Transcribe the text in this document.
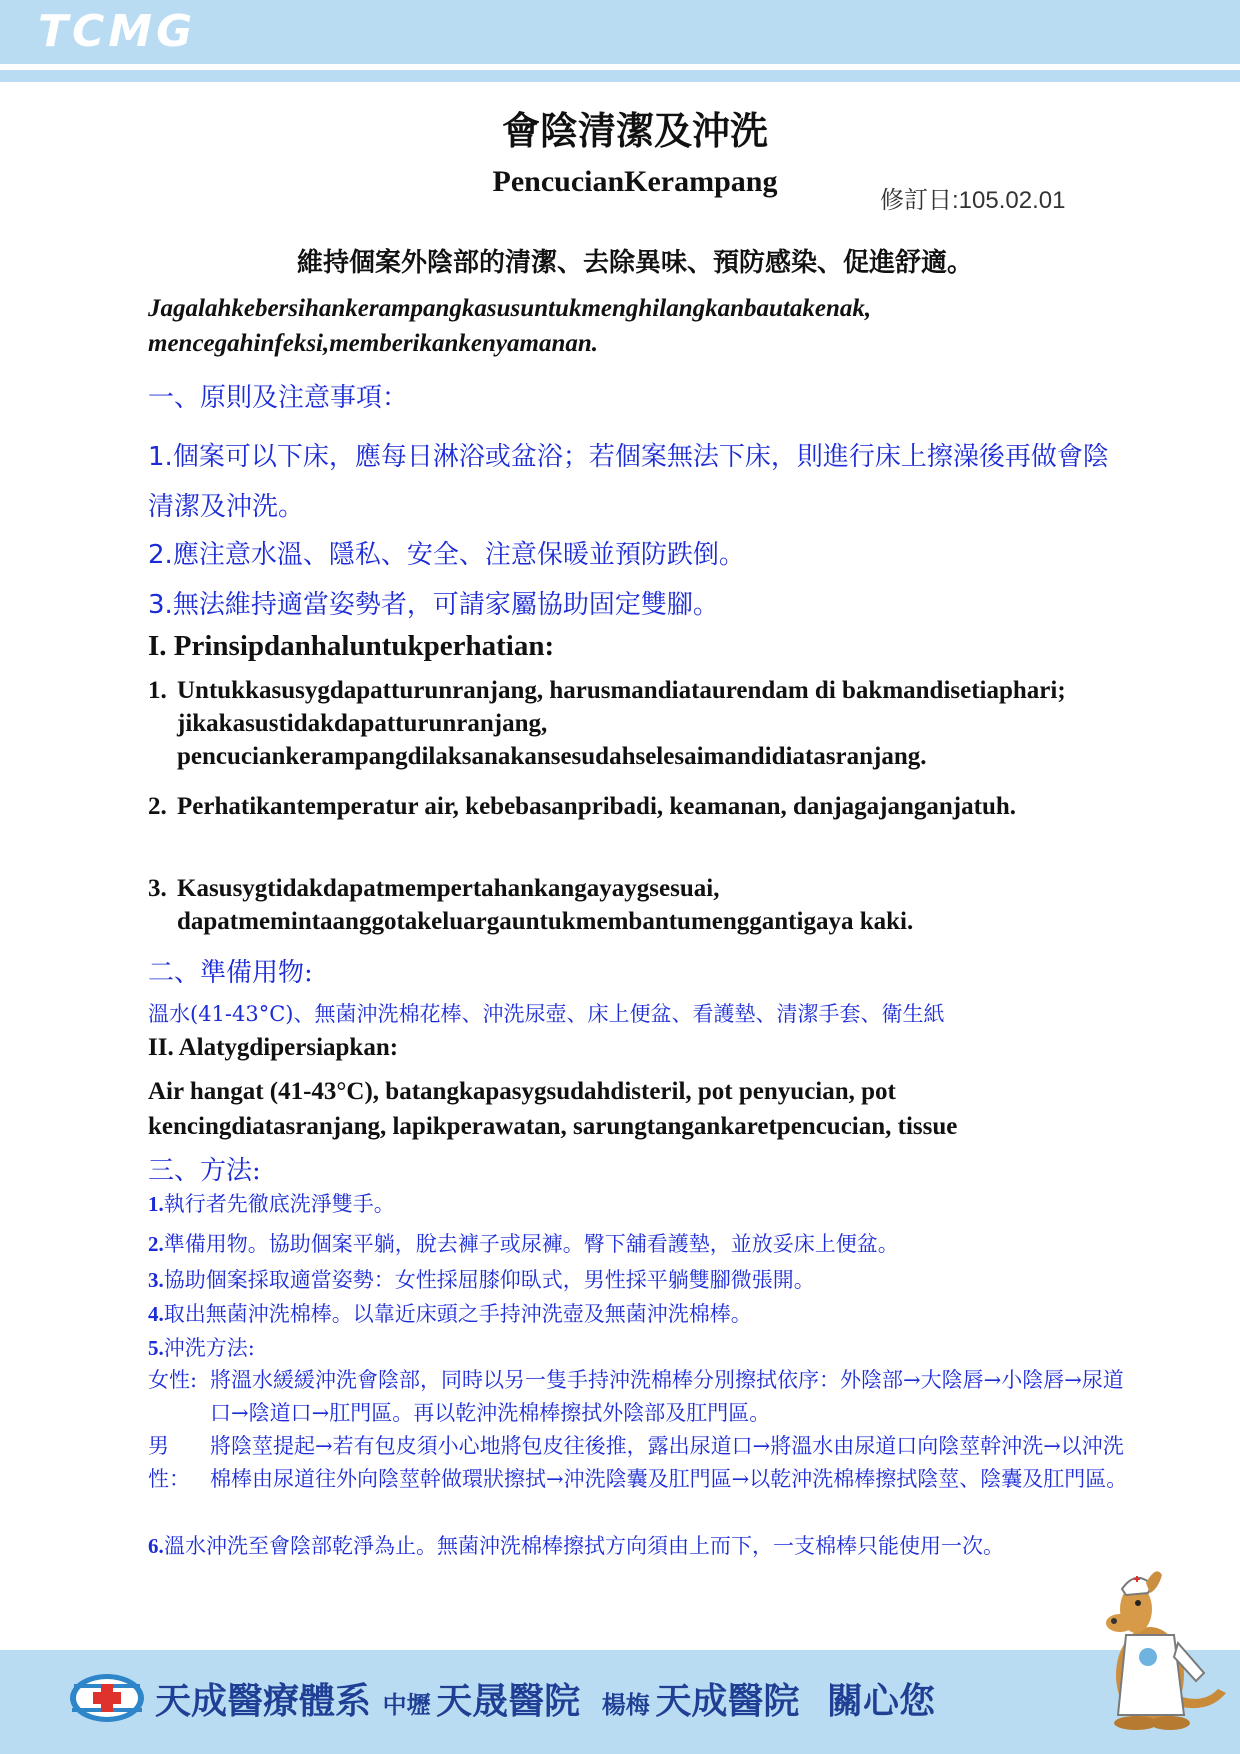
TCMG
會陰清潔及沖洗
PencucianKerampang
修訂日:105.02.01
維持個案外陰部的清潔、去除異味、預防感染、促進舒適。
Jagalahkebersihankerampangkasusuntukmenghilangkanbautakenak, mencegahinfeksi,memberikankenyamanan.
一、原則及注意事項：
1.個案可以下床，應每日淋浴或盆浴；若個案無法下床，則進行床上擦澡後再做會陰清潔及沖洗。
2.應注意水溫、隱私、安全、注意保暖並預防跌倒。
3.無法維持適當姿勢者，可請家屬協助固定雙腳。
I. Prinsipdanhaluntukperhatian:
1. Untukkasusygdapatturunranjang, harusmandiataurendam di bakmandisetiaphari; jikakasustidakdapatturunranjang, pencuciankerampangdilaksanakansesudahselesaimandidiatasranjang.
2. Perhatikantemperatur air, kebebasanpribadi, keamanan, danjagajanganjatuh.
3. Kasusygtidakdapatmempertahankangayaygsesuai, dapatmemintaanggotakeluargauntukmembantumenggantigaya kaki.
二、準備用物:
溫水(41-43°C)、無菌沖洗棉花棒、沖洗尿壺、床上便盆、看護墊、清潔手套、衛生紙
II. Alatygdipersiapkan:
Air hangat (41-43°C), batangkapasygsudahdisteril, pot penyucian, pot kencingdiatasranjang, lapikperawatan, sarungtangankaretpencucian, tissue
三、方法:
1.執行者先徹底洗淨雙手。
2.準備用物。協助個案平躺，脫去褲子或尿褲。臀下舖看護墊，並放妥床上便盆。
3.協助個案採取適當姿勢：女性採屈膝仰臥式，男性採平躺雙腳微張開。
4.取出無菌沖洗棉棒。以靠近床頭之手持沖洗壺及無菌沖洗棉棒。
5.沖洗方法:
女性: 將溫水緩緩沖洗會陰部，同時以另一隻手持沖洗棉棒分別擦拭依序：外陰部→大陰唇→小陰唇→尿道口→陰道口→肛門區。再以乾沖洗棉棒擦拭外陰部及肛門區。
男性：
將陰莖提起→若有包皮須小心地將包皮往後推，露出尿道口→將溫水由尿道口向陰莖幹沖洗→以沖洗棉棒由尿道往外向陰莖幹做環狀擦拭→沖洗陰囊及肛門區→以乾沖洗棉棒擦拭陰莖、陰囊及肛門區。
6. 溫水沖洗至會陰部乾淨為止。無菌沖洗棉棒擦拭方向須由上而下，一支棉棒只能使用一次。
天成醫療體系 中壢 天晟醫院 楊梅 天成醫院 關心您
